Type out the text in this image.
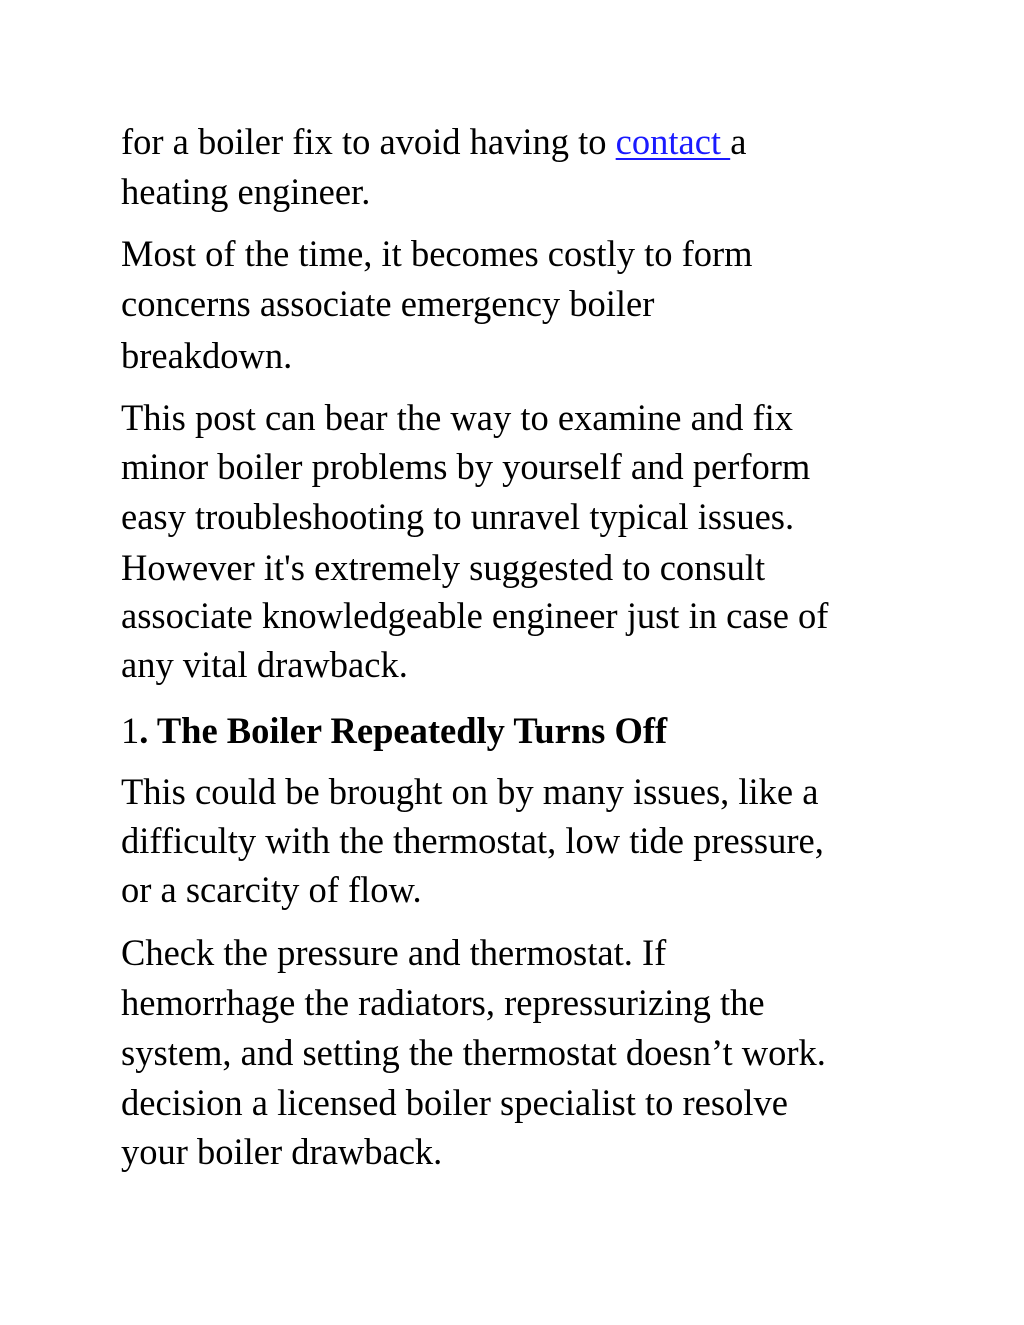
for a boiler fix to avoid having to contact a
heating engineer.
Most of the time, it becomes costly to form
concerns associate emergency boiler
breakdown.
This post can bear the way to examine and fix
minor boiler problems by yourself and perform
easy troubleshooting to unravel typical issues.
However it's extremely suggested to consult
associate knowledgeable engineer just in case of
any vital drawback.
1. The Boiler Repeatedly Turns Off
This could be brought on by many issues, like a
difficulty with the thermostat, low tide pressure,
or a scarcity of flow.
Check the pressure and thermostat. If
hemorrhage the radiators, repressurizing the
system, and setting the thermostat doesn’t work.
decision a licensed boiler specialist to resolve
your boiler drawback.
